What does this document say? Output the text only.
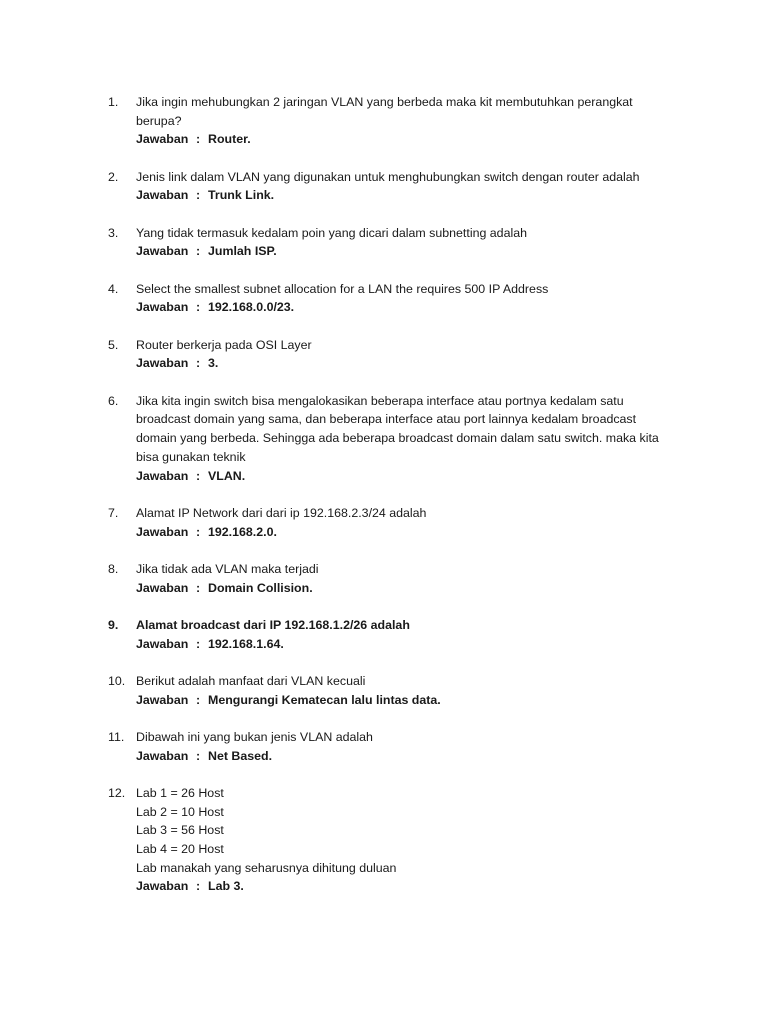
1.	Jika ingin mehubungkan 2 jaringan VLAN yang berbeda maka kit membutuhkan perangkat
berupa?
Jawaban : Router.
2.	Jenis link dalam VLAN yang digunakan untuk menghubungkan switch dengan router adalah
Jawaban : Trunk Link.
3.	Yang tidak termasuk kedalam poin yang dicari dalam subnetting adalah
Jawaban : Jumlah ISP.
4.	Select the smallest subnet allocation for a LAN the requires 500 IP Address
Jawaban : 192.168.0.0/23.
5.	Router berkerja pada OSI Layer
Jawaban : 3.
6.	Jika kita ingin switch bisa mengalokasikan beberapa interface atau portnya kedalam satu
broadcast domain yang sama, dan beberapa interface atau port lainnya kedalam broadcast
domain yang berbeda. Sehingga ada beberapa broadcast domain dalam satu switch. maka kita
bisa gunakan teknik
Jawaban : VLAN.
7.	Alamat IP Network dari dari ip 192.168.2.3/24 adalah
Jawaban : 192.168.2.0.
8.	Jika tidak ada VLAN maka terjadi
Jawaban : Domain Collision.
9.	Alamat broadcast dari IP 192.168.1.2/26 adalah
Jawaban : 192.168.1.64.
10. Berikut adalah manfaat dari VLAN kecuali
Jawaban : Mengurangi Kematecan lalu lintas data.
11. Dibawah ini yang bukan jenis VLAN adalah
Jawaban : Net Based.
12. Lab 1 = 26 Host
Lab 2 = 10 Host
Lab 3 = 56 Host
Lab 4 = 20 Host
Lab manakah yang seharusnya dihitung duluan
Jawaban : Lab 3.
